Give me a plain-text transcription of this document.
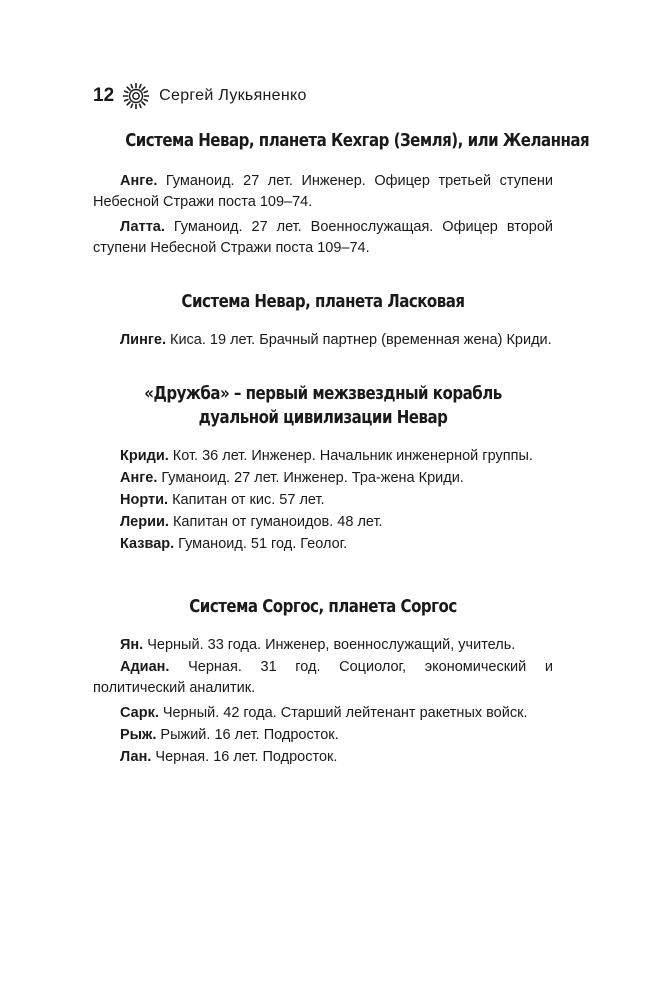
12	Сергей Лукьяненко
Система Невар, планета Кехгар (Земля), или Желанная
Анге. Гуманоид. 27 лет. Инженер. Офицер третьей ступени Небесной Стражи поста 109–74.
Латта. Гуманоид. 27 лет. Военнослужащая. Офицер второй ступени Небесной Стражи поста 109–74.
Система Невар, планета Ласковая
Линге. Киса. 19 лет. Брачный партнер (временная жена) Криди.
«Дружба» – первый межзвездный корабль
дуальной цивилизации Невар
Криди. Кот. 36 лет. Инженер. Начальник инженерной группы.
Анге. Гуманоид. 27 лет. Инженер. Тра-жена Криди.
Норти. Капитан от кис. 57 лет.
Лерии. Капитан от гуманоидов. 48 лет.
Казвар. Гуманоид. 51 год. Геолог.
Система Соргос, планета Соргос
Ян. Черный. 33 года. Инженер, военнослужащий, учитель.
Адиан. Черная. 31 год. Социолог, экономический и политический аналитик.
Сарк. Черный. 42 года. Старший лейтенант ракетных войск.
Рыж. Рыжий. 16 лет. Подросток.
Лан. Черная. 16 лет. Подросток.
